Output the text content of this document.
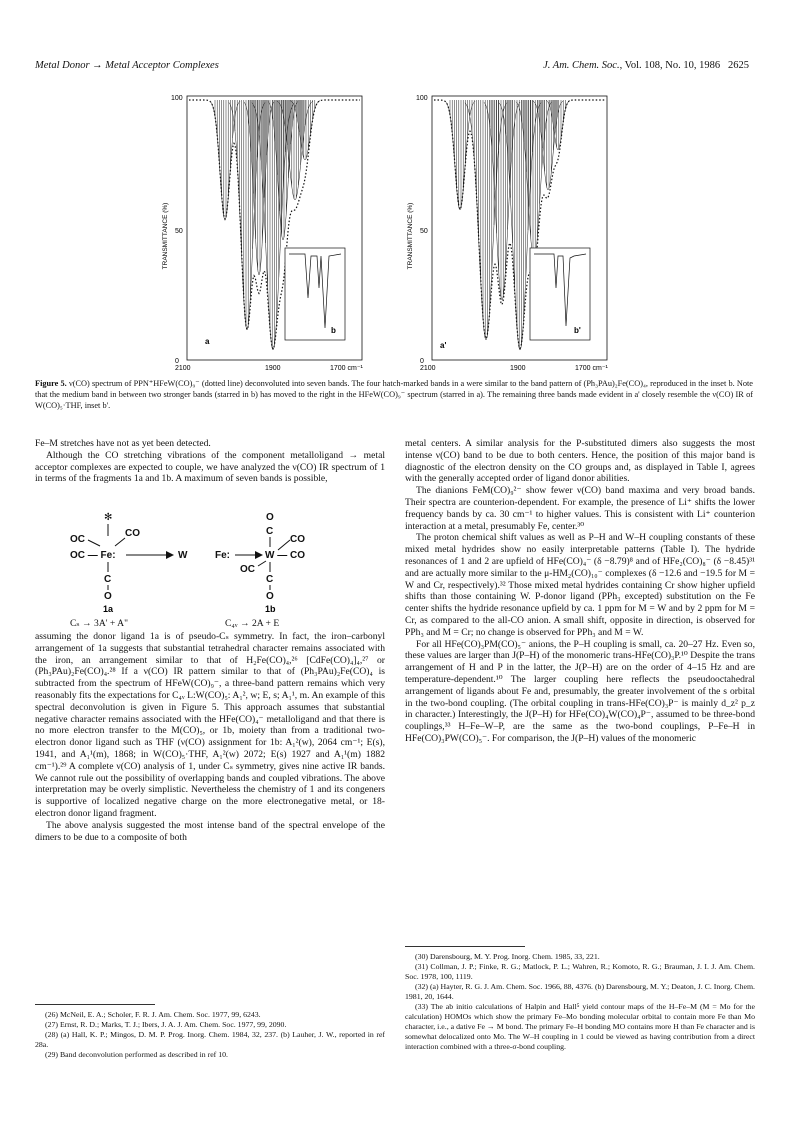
Metal Donor → Metal Acceptor Complexes	J. Am. Chem. Soc., Vol. 108, No. 10, 1986 2625
TRANSMITTANCE (%)
100
50
0
b
a
2100	1900	1700 cm⁻¹
TRANSMITTANCE (%)
100
50
0
b'
a'
2100	1900	1700 cm⁻¹
Figure 5. ν(CO) spectrum of PPN⁺HFeW(CO)₉⁻ (dotted line) deconvoluted into seven bands. The four hatch-marked bands in a were similar to the band pattern of (Ph₃PAu)₂Fe(CO)₄, reproduced in the inset b. Note that the medium band in between two stronger bands (starred in b) has moved to the right in the HFeW(CO)₉⁻ spectrum (starred in a). The remaining three bands made evident in a' closely resemble the ν(CO) IR of W(CO)₅·THF, inset b'.

Fe–M stretches have not as yet been detected.

Although the CO stretching vibrations of the component metalloligand → metal acceptor complexes are expected to couple, we have analyzed the ν(CO) IR spectrum of 1 in terms of the fragments 1a and 1b. A maximum of seven bands is possible,

✻
OC
CO
OC — Fe:	W
C
O
O
C
CO
Fe:	W — CO
OC
C
O
1a	1b
Cₛ → 3A' + A"	C₄ᵥ → 2A + E

assuming the donor ligand 1a is of pseudo-Cₛ symmetry. In fact, the iron–carbonyl arrangement of 1a suggests that substantial tetrahedral character remains associated with the iron, an arrangement similar to that of H₂Fe(CO)₄,²⁶ [CdFe(CO)₄]₄,²⁷ or (Ph₃PAu)₂Fe(CO)₄.²⁸ If a ν(CO) IR pattern similar to that of (Ph₃PAu)₂Fe(CO)₄ is subtracted from the spectrum of HFeW(CO)₉⁻, a three-band pattern remains which very reasonably fits the expectations for C₄ᵥ L:W(CO)₅: A₁², w; E, s; A₁¹, m. An example of this spectral deconvolution is given in Figure 5. This approach assumes that substantial negative character remains associated with the HFe(CO)₄⁻ metalloligand and that there is no more electron transfer to the M(CO)₅, or 1b, moiety than from a traditional two-electron donor ligand such as THF (ν(CO) assignment for 1b: A₁²(w), 2064 cm⁻¹; E(s), 1941, and A₁¹(m), 1868; in W(CO)₅·THF, A₁²(w) 2072; E(s) 1927 and A₁¹(m) 1882 cm⁻¹).²⁹ A complete ν(CO) analysis of 1, under Cₛ symmetry, gives nine active IR bands. We cannot rule out the possibility of overlapping bands and coupled vibrations. The above interpretation may be overly simplistic. Nevertheless the chemistry of 1 and its congeners is supportive of localized negative charge on the more electronegative metal, or 18-electron donor ligand fragment.

The above analysis suggested the most intense band of the spectral envelope of the dimers to be due to a composite of both

(26) McNeil, E. A.; Scholer, F. R. J. Am. Chem. Soc. 1977, 99, 6243.

(27) Ernst, R. D.; Marks, T. J.; Ibers, J. A. J. Am. Chem. Soc. 1977, 99, 2090.

(28) (a) Hall, K. P.; Mingos, D. M. P. Prog. Inorg. Chem. 1984, 32, 237. (b) Lauher, J. W., reported in ref 28a.

(29) Band deconvolution performed as described in ref 10.

metal centers. A similar analysis for the P-substituted dimers also suggests the most intense ν(CO) band to be due to both centers. Hence, the position of this major band is diagnostic of the electron density on the CO groups and, as displayed in Table I, agrees with the generally accepted order of ligand donor abilities.

The dianions FeM(CO)₉²⁻ show fewer ν(CO) band maxima and very broad bands. Their spectra are counterion-dependent. For example, the presence of Li⁺ shifts the lower frequency bands by ca. 30 cm⁻¹ to higher values. This is consistent with Li⁺ counterion interaction at a metal, presumably Fe, center.³⁰

The proton chemical shift values as well as P–H and W–H coupling constants of these mixed metal hydrides show no easily interpretable patterns (Table I). The hydride resonances of 1 and 2 are upfield of HFe(CO)₄⁻ (δ −8.79)⁸ and of HFe₂(CO)₈⁻ (δ −8.45)³¹ and are actually more similar to the μ-HM₂(CO)₁₀⁻ complexes (δ −12.6 and −19.5 for M = W and Cr, respectively).³² Those mixed metal hydrides containing Cr show higher upfield shifts than those containing W. P-donor ligand (PPh₃ excepted) substitution on the Fe center shifts the hydride resonance upfield by ca. 1 ppm for M = W and by 2 ppm for M = Cr, as compared to the all-CO anion. A small shift, opposite in direction, is observed for PPh₃ and M = Cr; no change is observed for PPh₃ and M = W.

For all HFe(CO)₃PM(CO)₅⁻ anions, the P–H coupling is small, ca. 20–27 Hz. Even so, these values are larger than J(P–H) of the monomeric trans-HFe(CO)₃P.¹⁰ Despite the trans arrangement of H and P in the latter, the J(P–H) are on the order of 4–15 Hz and are temperature-dependent.¹⁰ The larger coupling here reflects the pseudooctahedral arrangement of ligands about Fe and, presumably, the greater involvement of the s orbital in the two-bond coupling. (The orbital coupling in trans-HFe(CO)₃P⁻ is mainly d_z² p_z in character.) Interestingly, the J(P–H) for HFe(CO)₄W(CO)₄P⁻, assumed to be three-bond couplings,³³ H–Fe–W–P, are the same as the two-bond couplings, P–Fe–H in HFe(CO)₃PW(CO)₅⁻. For comparison, the J(P–H) values of the monomeric

(30) Darensbourg, M. Y. Prog. Inorg. Chem. 1985, 33, 221.

(31) Collman, J. P.; Finke, R. G.; Matlock, P. L.; Wahren, R.; Komoto, R. G.; Brauman, J. I. J. Am. Chem. Soc. 1978, 100, 1119.

(32) (a) Hayter, R. G. J. Am. Chem. Soc. 1966, 88, 4376. (b) Darensbourg, M. Y.; Deaton, J. C. Inorg. Chem. 1981, 20, 1644.

(33) The ab initio calculations of Halpin and Hall⁵ yield contour maps of the H–Fe–M (M = Mo for the calculation) HOMOs which show the primary Fe–Mo bonding molecular orbital to contain more Fe than Mo character, i.e., a dative Fe → M bond. The primary Fe–H bonding MO contains more H than Fe character and is somewhat delocalized onto Mo. The W–H coupling in 1 could be viewed as having contribution from a direct interaction combined with a three-σ-bond coupling.
